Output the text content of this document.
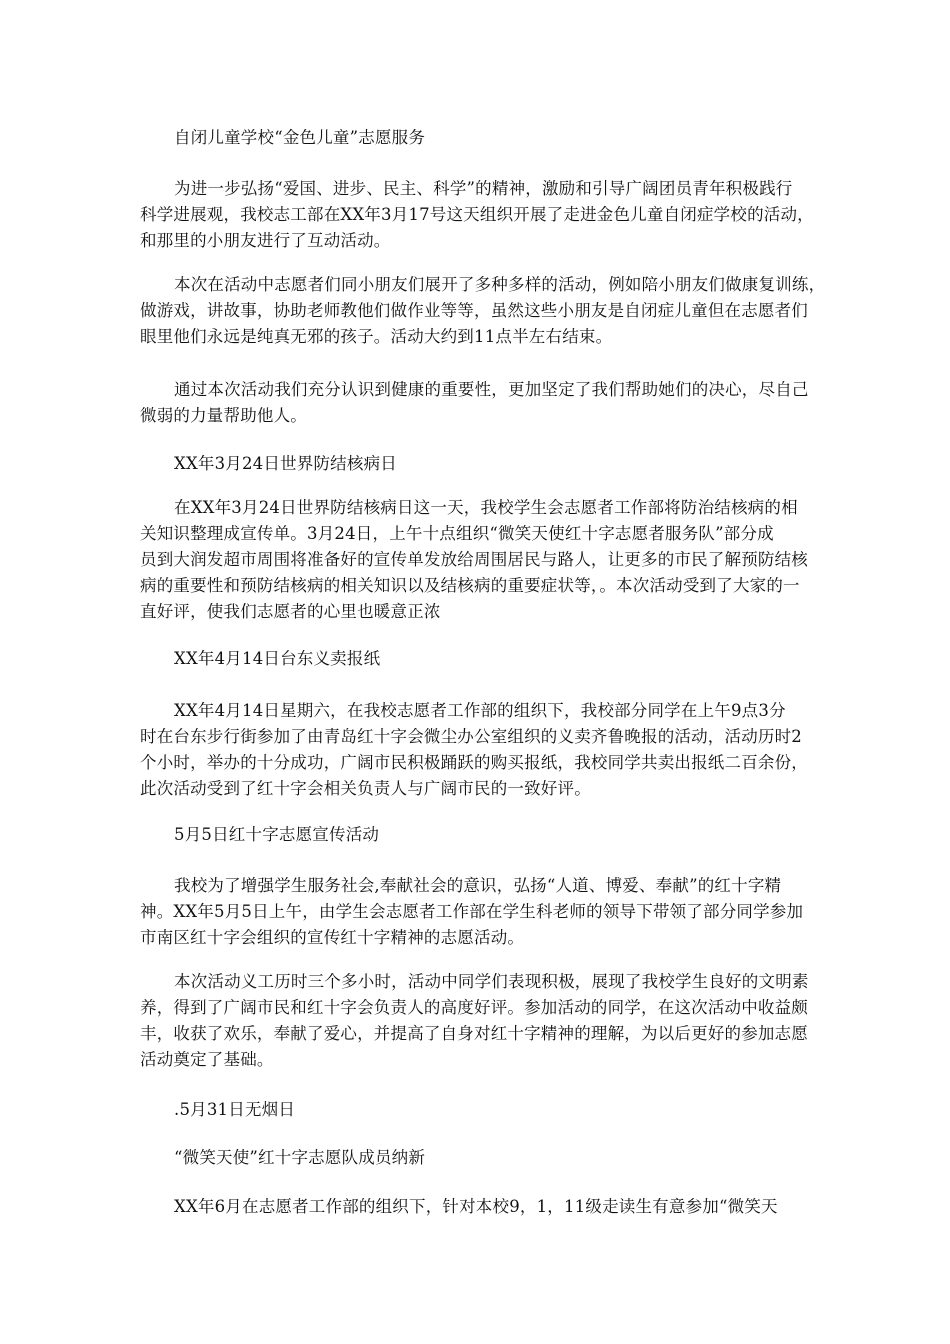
自闭儿童学校“金色儿童”志愿服务
为进一步弘扬“爱国、进步、民主、科学”的精神，激励和引导广阔团员青年积极践行
科学进展观，我校志工部在XX年3月17号这天组织开展了走进金色儿童自闭症学校的活动，
和那里的小朋友进行了互动活动。
本次在活动中志愿者们同小朋友们展开了多种多样的活动，例如陪小朋友们做康复训练，
做游戏，讲故事，协助老师教他们做作业等等，虽然这些小朋友是自闭症儿童但在志愿者们
眼里他们永远是纯真无邪的孩子。活动大约到11点半左右结束。
通过本次活动我们充分认识到健康的重要性，更加坚定了我们帮助她们的决心，尽自己
微弱的力量帮助他人。
XX年3月24日世界防结核病日
在XX年3月24日世界防结核病日这一天，我校学生会志愿者工作部将防治结核病的相
关知识整理成宣传单。3月24日，上午十点组织“微笑天使红十字志愿者服务队”部分成
员到大润发超市周围将准备好的宣传单发放给周围居民与路人，让更多的市民了解预防结核
病的重要性和预防结核病的相关知识以及结核病的重要症状等，。本次活动受到了大家的一
直好评，使我们志愿者的心里也暖意正浓
XX年4月14日台东义卖报纸
XX年4月14日星期六，在我校志愿者工作部的组织下，我校部分同学在上午9点3分
时在台东步行街参加了由青岛红十字会微尘办公室组织的义卖齐鲁晚报的活动，活动历时2
个小时，举办的十分成功，广阔市民积极踊跃的购买报纸，我校同学共卖出报纸二百余份，
此次活动受到了红十字会相关负责人与广阔市民的一致好评。
5月5日红十字志愿宣传活动
我校为了增强学生服务社会,奉献社会的意识，弘扬“人道、博爱、奉献”的红十字精
神。XX年5月5日上午，由学生会志愿者工作部在学生科老师的领导下带领了部分同学参加
市南区红十字会组织的宣传红十字精神的志愿活动。
本次活动义工历时三个多小时，活动中同学们表现积极，展现了我校学生良好的文明素
养，得到了广阔市民和红十字会负责人的高度好评。参加活动的同学，在这次活动中收益颇
丰，收获了欢乐，奉献了爱心，并提高了自身对红十字精神的理解，为以后更好的参加志愿
活动奠定了基础。
.5月31日无烟日
“微笑天使”红十字志愿队成员纳新
XX年6月在志愿者工作部的组织下，针对本校9，1，11级走读生有意参加“微笑天
